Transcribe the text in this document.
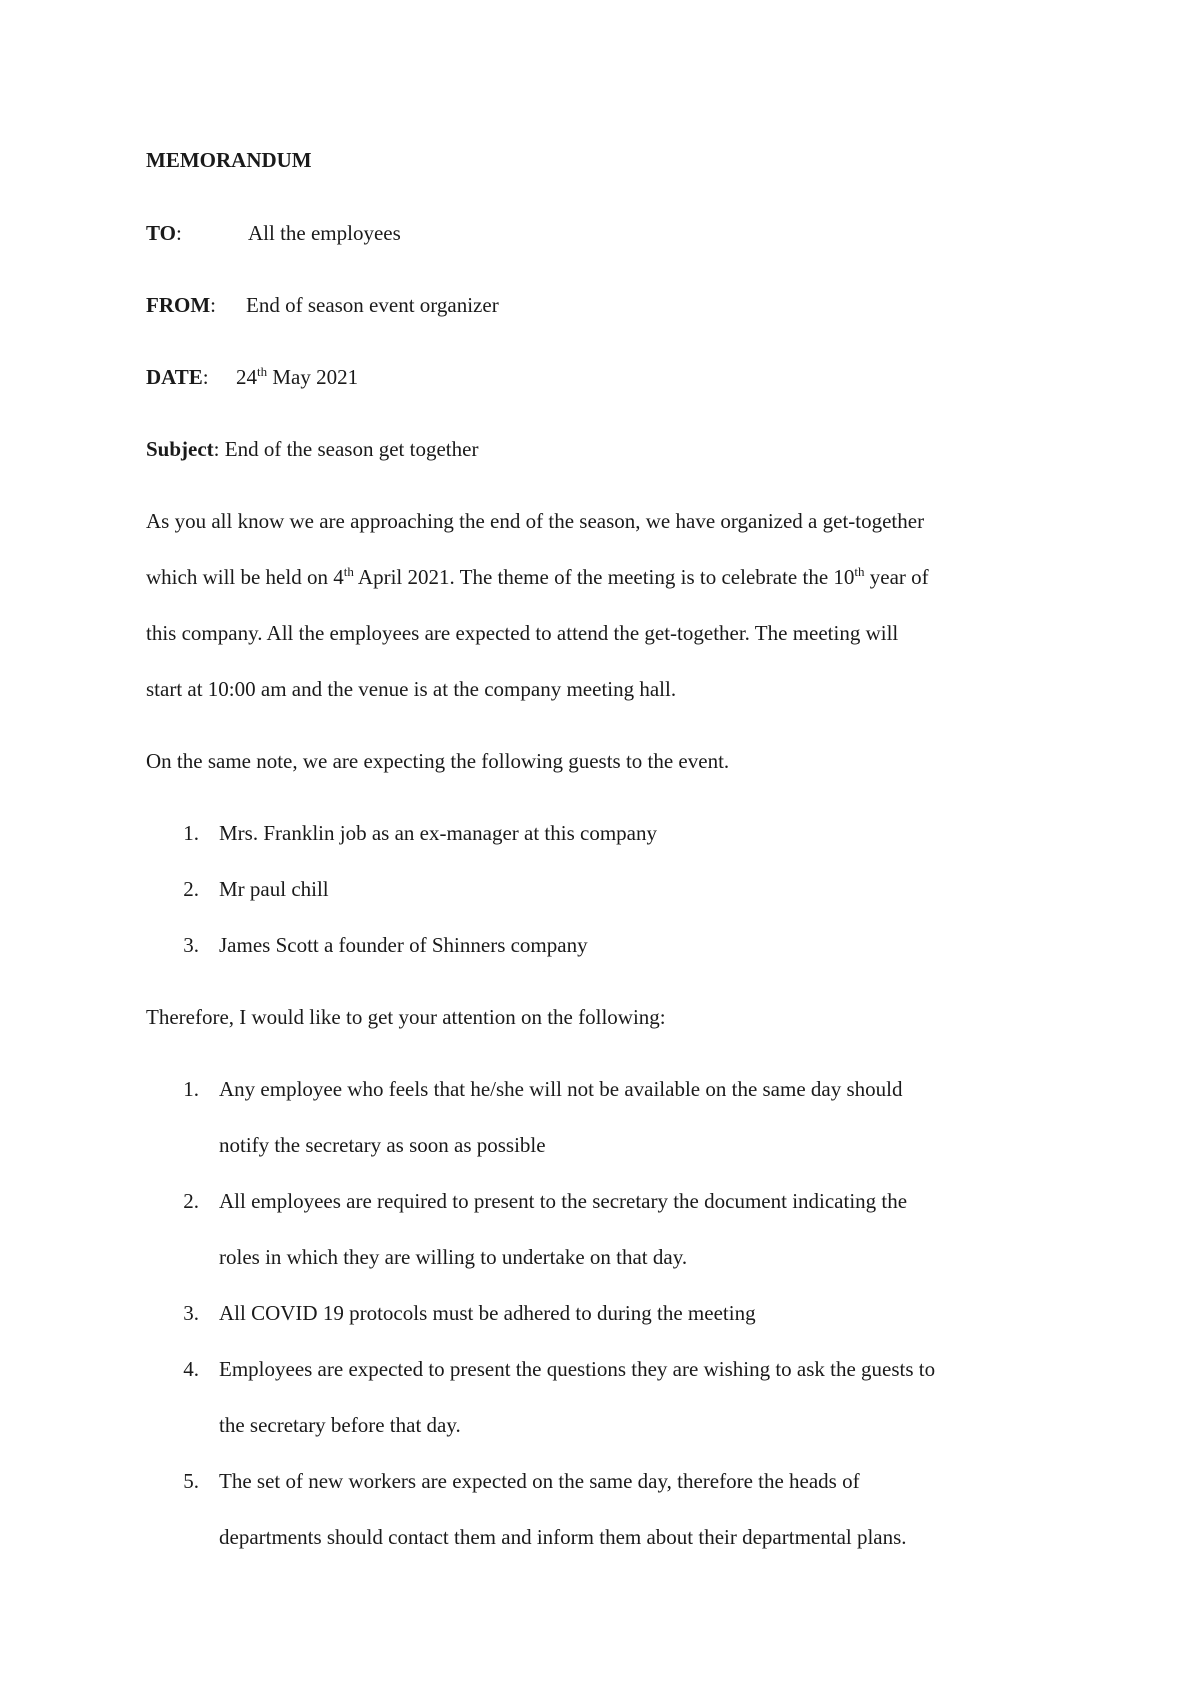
MEMORANDUM
TO:	All the employees
FROM: End of season event organizer
DATE: 24th May 2021
Subject: End of the season get together
As you all know we are approaching the end of the season, we have organized a get-together
which will be held on 4th April 2021. The theme of the meeting is to celebrate the 10th year of
this company. All the employees are expected to attend the get-together. The meeting will
start at 10:00 am and the venue is at the company meeting hall.
On the same note, we are expecting the following guests to the event.
1. Mrs. Franklin job as an ex-manager at this company
2. Mr paul chill
3. James Scott a founder of Shinners company
Therefore, I would like to get your attention on the following:
1. Any employee who feels that he/she will not be available on the same day should
notify the secretary as soon as possible
2. All employees are required to present to the secretary the document indicating the
roles in which they are willing to undertake on that day.
3. All COVID 19 protocols must be adhered to during the meeting
4. Employees are expected to present the questions they are wishing to ask the guests to
the secretary before that day.
5. The set of new workers are expected on the same day, therefore the heads of
departments should contact them and inform them about their departmental plans.
